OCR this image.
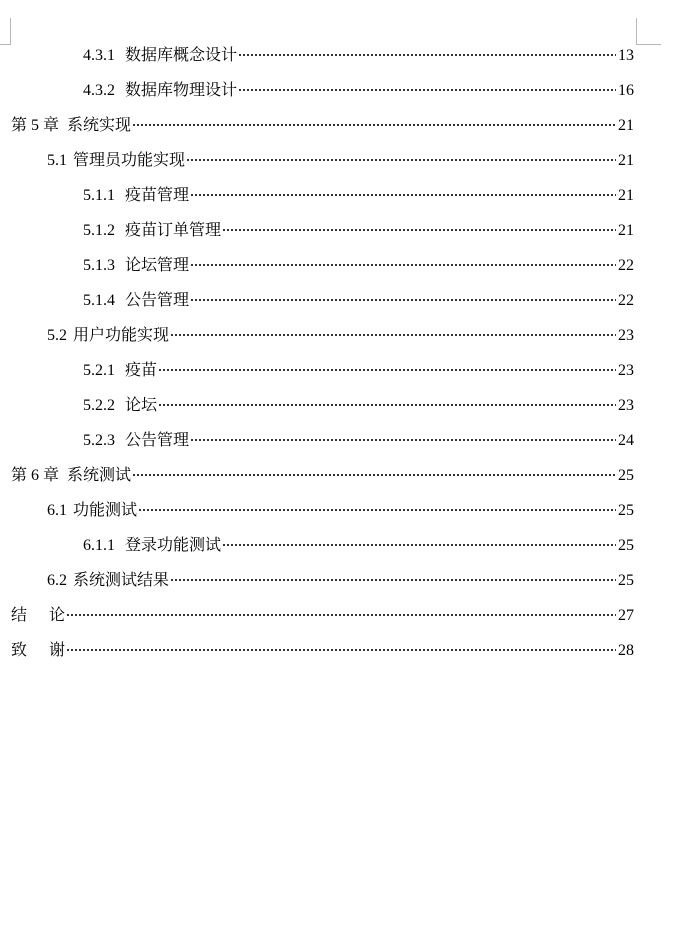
4.3.1 数据库概念设计	13
4.3.2 数据库物理设计	16
第 5 章 系统实现	21
5.1 管理员功能实现	21
5.1.1 疫苗管理	21
5.1.2 疫苗订单管理	21
5.1.3 论坛管理	22
5.1.4 公告管理	22
5.2 用户功能实现	23
5.2.1 疫苗	23
5.2.2 论坛	23
5.2.3 公告管理	24
第 6 章 系统测试	25
6.1 功能测试	25
6.1.1 登录功能测试	25
6.2 系统测试结果	25
结 论	27
致 谢	28
